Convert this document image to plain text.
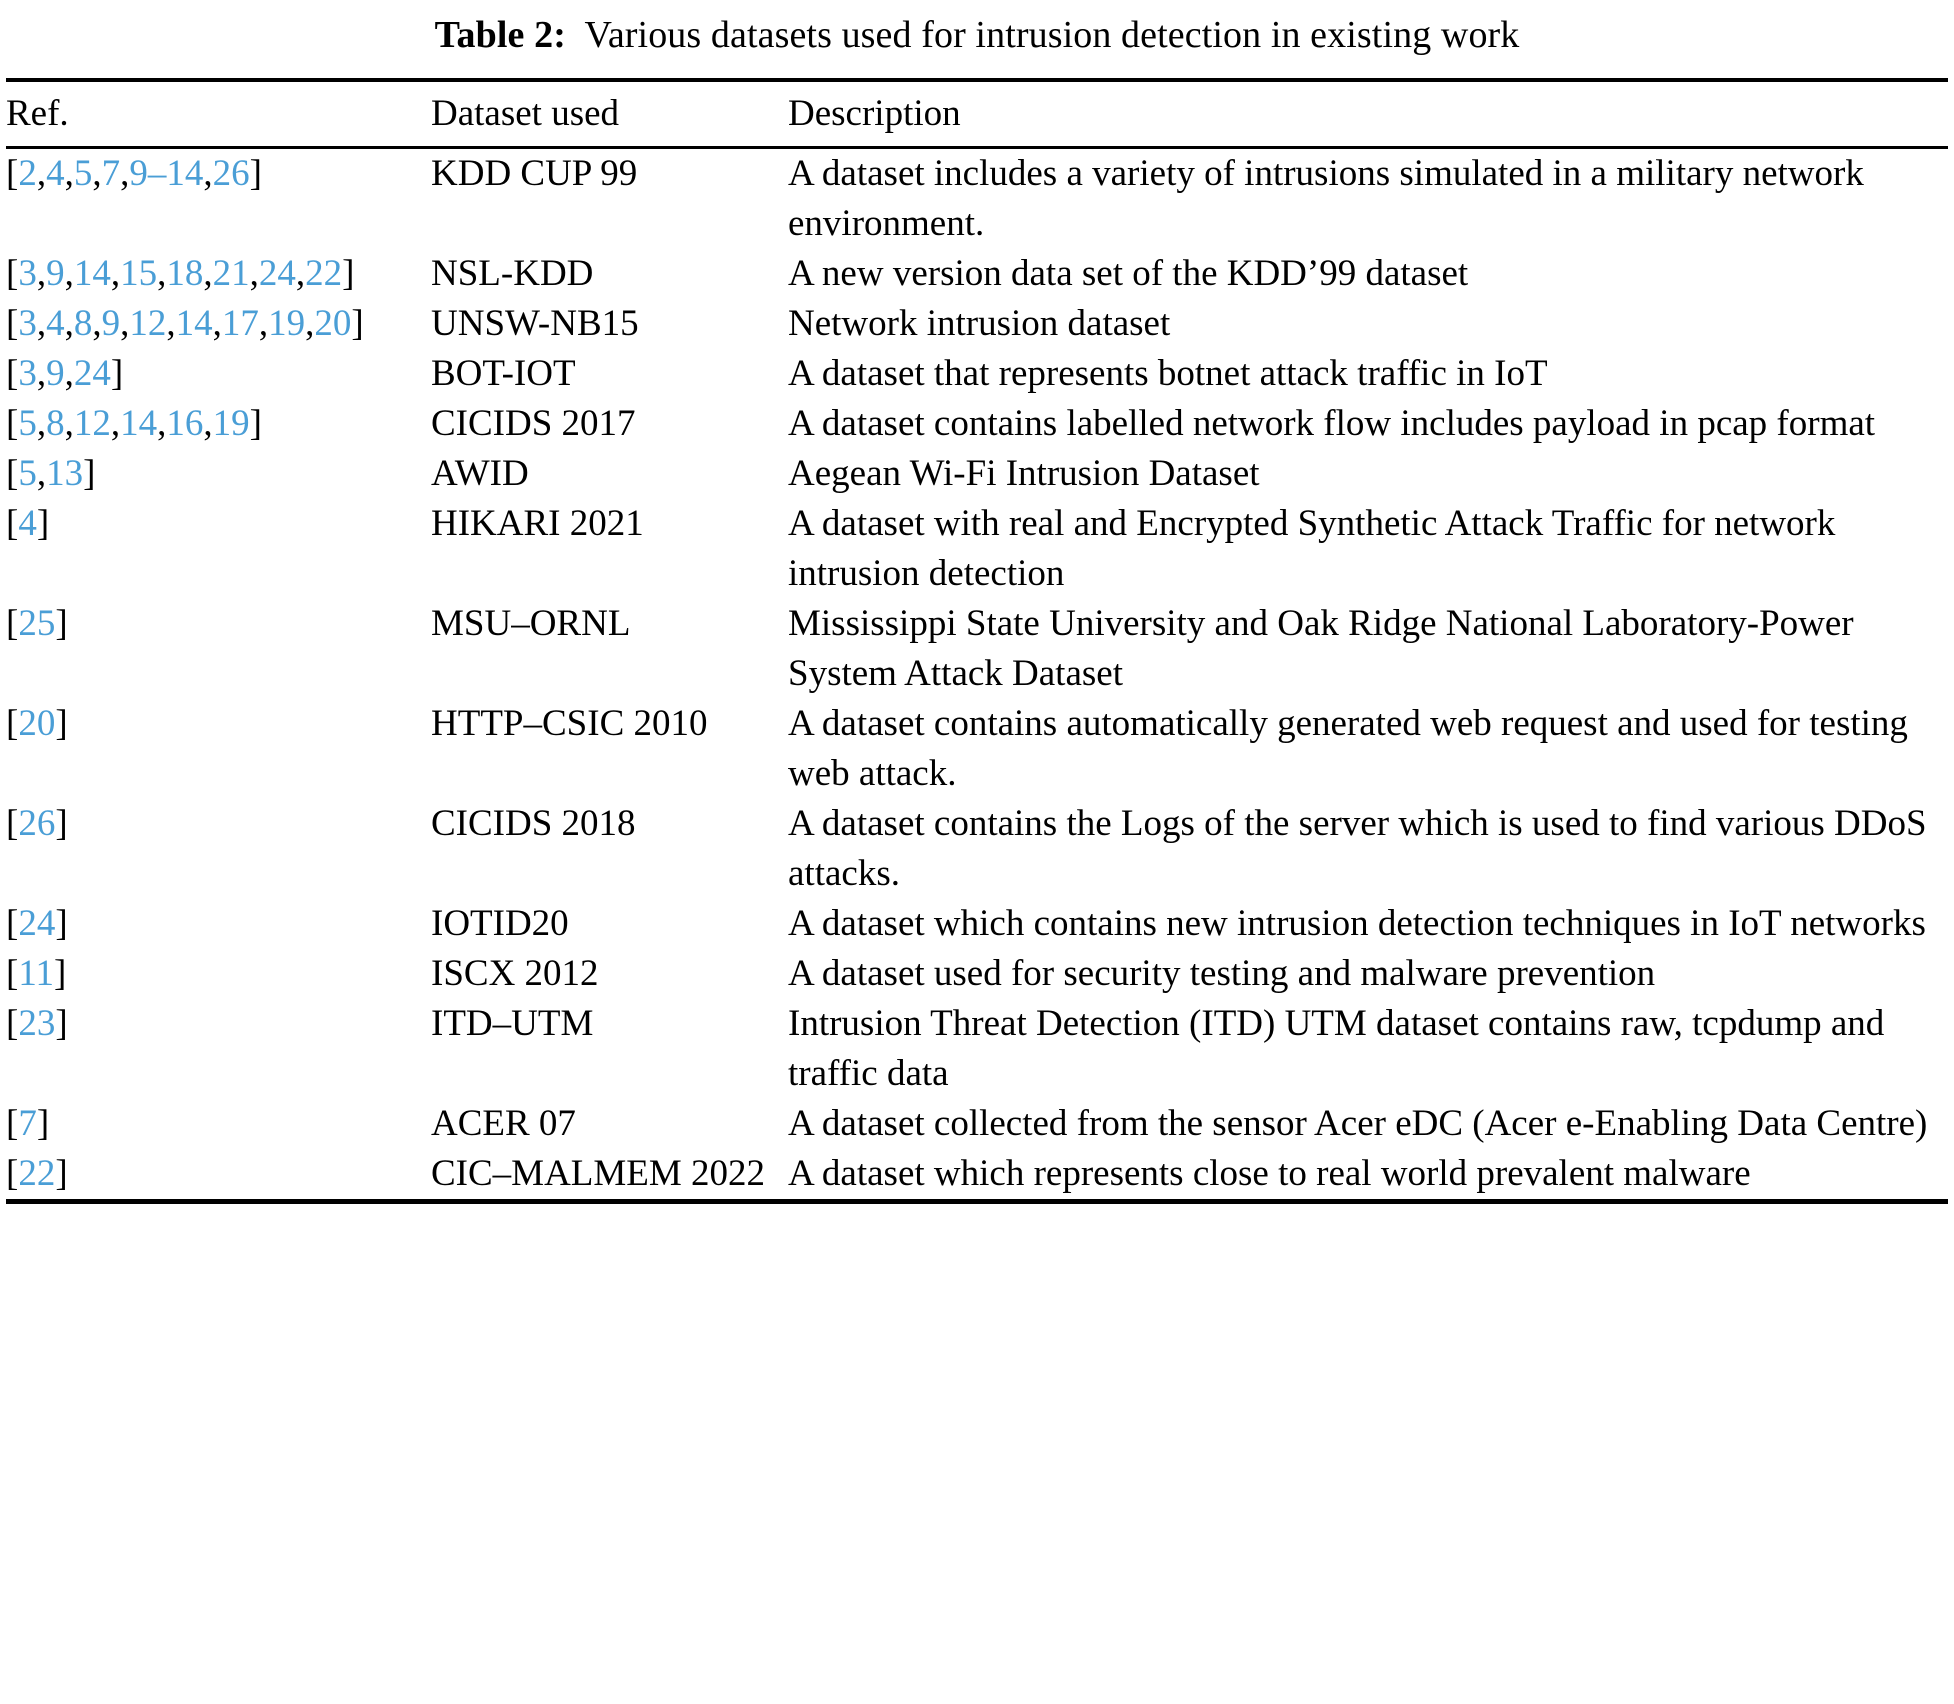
Table 2: Various datasets used for intrusion detection in existing work
Ref.	Dataset used	Description
[2,4,5,7,9–14,26]	KDD CUP 99	A dataset includes a variety of intrusions simulated in a military network environment.
[3,9,14,15,18,21,24,22]	NSL-KDD	A new version data set of the KDD’99 dataset
[3,4,8,9,12,14,17,19,20]	UNSW-NB15	Network intrusion dataset
[3,9,24]	BOT-IOT	A dataset that represents botnet attack traffic in IoT
[5,8,12,14,16,19]	CICIDS 2017	A dataset contains labelled network flow includes payload in pcap format
[5,13]	AWID	Aegean Wi-Fi Intrusion Dataset
[4]	HIKARI 2021	A dataset with real and Encrypted Synthetic Attack Traffic for network intrusion detection
[25]	MSU–ORNL	Mississippi State University and Oak Ridge National Laboratory-Power System Attack Dataset
[20]	HTTP–CSIC 2010	A dataset contains automatically generated web request and used for testing web attack.
[26]	CICIDS 2018	A dataset contains the Logs of the server which is used to find various DDoS attacks.
[24]	IOTID20	A dataset which contains new intrusion detection techniques in IoT networks
[11]	ISCX 2012	A dataset used for security testing and malware prevention
[23]	ITD–UTM	Intrusion Threat Detection (ITD) UTM dataset contains raw, tcpdump and traffic data
[7]	ACER 07	A dataset collected from the sensor Acer eDC (Acer e-Enabling Data Centre)
[22]	CIC–MALMEM 2022	A dataset which represents close to real world prevalent malware
